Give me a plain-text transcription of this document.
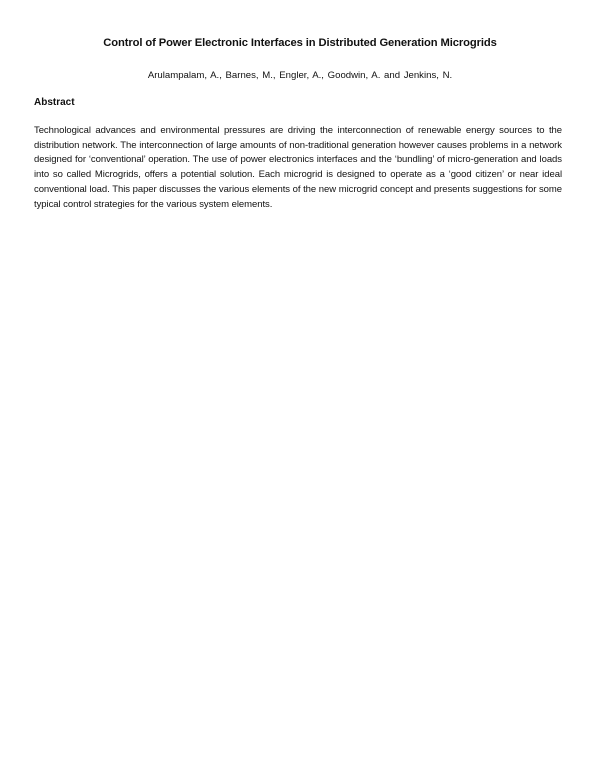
Control of Power Electronic Interfaces in Distributed Generation Microgrids
Arulampalam, A., Barnes, M., Engler, A., Goodwin, A. and Jenkins, N.
Abstract
Technological advances and environmental pressures are driving the interconnection of renewable energy sources to the distribution network. The interconnection of large amounts of non-traditional generation however causes problems in a network designed for ‘conventional’ operation. The use of power electronics interfaces and the ‘bundling’ of micro-generation and loads into so called Microgrids, offers a potential solution. Each microgrid is designed to operate as a ‘good citizen’ or near ideal conventional load. This paper discusses the various elements of the new microgrid concept and presents suggestions for some typical control strategies for the various system elements.
